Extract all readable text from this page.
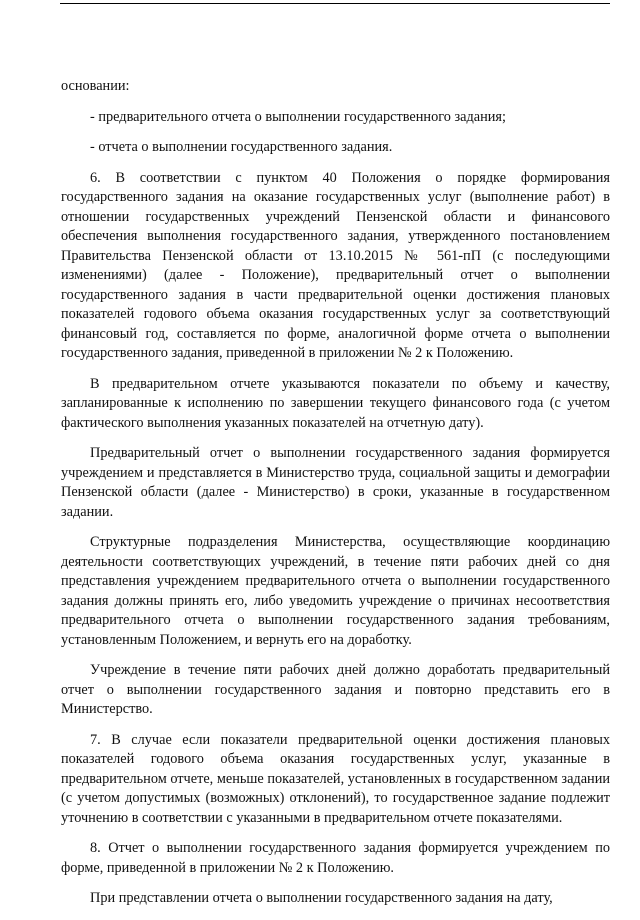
основании:

- предварительного отчета о выполнении государственного задания;

- отчета о выполнении государственного задания.

6. В соответствии с пунктом 40 Положения о порядке формирования государственного задания на оказание государственных услуг (выполнение работ) в отношении государственных учреждений Пензенской области и финансового обеспечения выполнения государственного задания, утвержденного постановлением Правительства Пензенской области от 13.10.2015 № 561-пП (с последующими изменениями) (далее - Положение), предварительный отчет о выполнении государственного задания в части предварительной оценки достижения плановых показателей годового объема оказания государственных услуг за соответствующий финансовый год, составляется по форме, аналогичной форме отчета о выполнении государственного задания, приведенной в приложении № 2 к Положению.

В предварительном отчете указываются показатели по объему и качеству, запланированные к исполнению по завершении текущего финансового года (с учетом фактического выполнения указанных показателей на отчетную дату).

Предварительный отчет о выполнении государственного задания формируется учреждением и представляется в Министерство труда, социальной защиты и демографии Пензенской области (далее - Министерство) в сроки, указанные в государственном задании.

Структурные подразделения Министерства, осуществляющие координацию деятельности соответствующих учреждений, в течение пяти рабочих дней со дня представления учреждением предварительного отчета о выполнении государственного задания должны принять его, либо уведомить учреждение о причинах несоответствия предварительного отчета о выполнении государственного задания требованиям, установленным Положением, и вернуть его на доработку.

Учреждение в течение пяти рабочих дней должно доработать предварительный отчет о выполнении государственного задания и повторно представить его в Министерство.

7. В случае если показатели предварительной оценки достижения плановых показателей годового объема оказания государственных услуг, указанные в предварительном отчете, меньше показателей, установленных в государственном задании (с учетом допустимых (возможных) отклонений), то государственное задание подлежит уточнению в соответствии с указанными в предварительном отчете показателями.

8. Отчет о выполнении государственного задания формируется учреждением по форме, приведенной в приложении № 2 к Положению.

При представлении отчета о выполнении государственного задания на дату,
